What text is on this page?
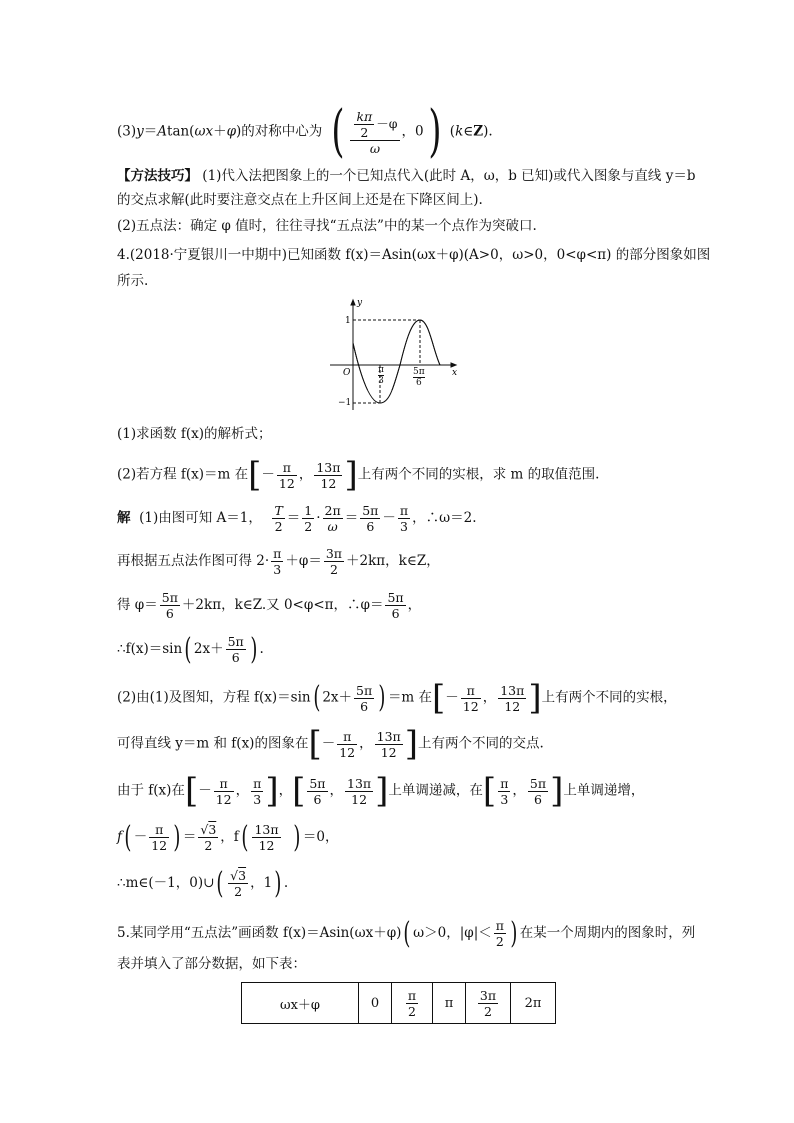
(3)y＝Atan(ωx＋φ)的对称中心为 ( $\frac{\frac{k\pi}{2} -\varphi}{\omega}$ ，0) (k∈Z).
【方法技巧】 (1)代入法把图象上的一个已知点代入(此时 A，ω，b 已知)或代入图象与直线 y＝b
的交点求解(此时要注意交点在上升区间上还是在下降区间上).
(2)五点法：确定 φ 值时，往往寻找“五点法”中的某一个点作为突破口.
4.(2018·宁夏银川一中期中)已知函数 f(x)＝Asin(ωx＋φ)(A>0，ω>0，0<φ<π) 的部分图象如图
所示.
y
x
O
1
−1
π
3
5π
6
(1)求函数 f(x)的解析式；
(2)若方程 f(x)＝m 在[－ $\frac{\pi}{12}$ ， $\frac{13\pi}{12}$ ]上有两个不同的实根，求 m 的取值范围.
解 (1)由图可知 A＝1， $\frac{T}{2} = \frac{1}{2} \cdot \frac{2\pi}{\omega} = \frac{5\pi}{6} - \frac{\pi}{3}$ ，∴ω＝2.
再根据五点法作图可得 $2\cdot \frac{\pi}{3} +\varphi= \frac{3\pi}{2} +2k\pi$，k∈Z，
得 $\varphi= \frac{5\pi}{6} +2k\pi$，k∈Z.又 0<φ<π，∴φ＝ $\frac{5\pi}{6}$ ，
∴f(x)＝sin( $2x+ \frac{5\pi}{6}$ ) .
(2)由(1)及图知，方程 f(x)＝sin( $2x+ \frac{5\pi}{6}$ ) ＝m 在[－ $\frac{\pi}{12}$ ， $\frac{13\pi}{12}$ ]上有两个不同的实根，
可得直线 y＝m 和 f(x)的图象在[－ $\frac{\pi}{12}$ ， $\frac{13\pi}{12}$ ]上有两个不同的交点.
由于 f(x)在[－ $\frac{\pi}{12}$ ， $\frac{\pi}{3}$ ]，[ $\frac{5\pi}{6}$ ， $\frac{13\pi}{12}$ ]上单调递减，在[ $\frac{\pi}{3}$ ， $\frac{5\pi}{6}$ ]上单调递增，
$f( - \frac{\pi}{12}$ ) ＝ $\frac{√3}{2}$ ，$f( \frac{13\pi}{12}$ ) ＝0，
∴m∈(－1，0)∪( $\frac{√3}{2}$ ，1) .
5.某同学用“五点法”画函数 f(x)＝Asin(ωx＋φ)( ω＞0，$|\varphi|< \frac{\pi}{2}$ ) 在某一个周期内的图象时，列
表并填入了部分数据，如下表：
ωx＋φ	0	$\frac{\pi}{2}$	π	$\frac{3\pi}{2}$	2π
